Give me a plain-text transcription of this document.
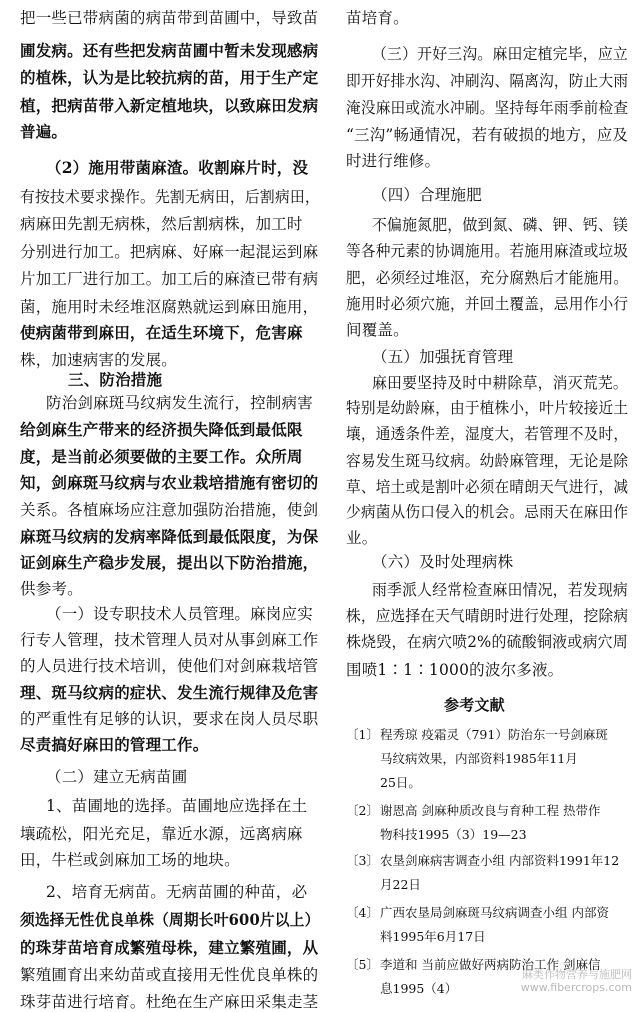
把一些已带病菌的病苗带到苗圃中，导致苗
圃发病。还有些把发病苗圃中暂未发现感病
的植株，认为是比较抗病的苗，用于生产定
植，把病苗带入新定植地块，以致麻田发病
普遍。
（2）施用带菌麻渣。收割麻片时，没
有按技术要求操作。先割无病田，后割病田，
病麻田先割无病株，然后割病株，加工时
分别进行加工。把病麻、好麻一起混运到麻
片加工厂进行加工。加工后的麻渣已带有病
菌，施用时未经堆沤腐熟就运到麻田施用，
使病菌带到麻田，在适生环境下，危害麻
株，加速病害的发展。
三、防治措施
防治剑麻斑马纹病发生流行，控制病害
给剑麻生产带来的经济损失降低到最低限
度，是当前必须要做的主要工作。众所周
知，剑麻斑马纹病与农业栽培措施有密切的
关系。各植麻场应注意加强防治措施，使剑
麻斑马纹病的发病率降低到最低限度，为保
证剑麻生产稳步发展，提出以下防治措施，
供参考。
（一）设专职技术人员管理。麻岗应实
行专人管理，技术管理人员对从事剑麻工作
的人员进行技术培训，使他们对剑麻栽培管
理、斑马纹病的症状、发生流行规律及危害
的严重性有足够的认识，要求在岗人员尽职
尽责搞好麻田的管理工作。
（二）建立无病苗圃
1、苗圃地的选择。苗圃地应选择在土
壤疏松，阳光充足，靠近水源，远离病麻
田，牛栏或剑麻加工场的地块。
2、培育无病苗。无病苗圃的种苗，必
须选择无性优良单株（周期长叶600片以上）
的珠芽苗培育成繁殖母株，建立繁殖圃，从
繁殖圃育出来幼苗或直接用无性优良单株的
珠芽苗进行培育。杜绝在生产麻田采集走茎
苗培育。
（三）开好三沟。麻田定植完毕，应立
即开好排水沟、冲刷沟、隔离沟，防止大雨
淹没麻田或流水冲刷。坚持每年雨季前检查
“三沟”畅通情况，若有破损的地方，应及
时进行维修。
（四）合理施肥
不偏施氮肥，做到氮、磷、钾、钙、镁
等各种元素的协调施用。若施用麻渣或垃圾
肥，必须经过堆沤，充分腐熟后才能施用。
施用时必须穴施，并回土覆盖，忌用作小行
间覆盖。
（五）加强抚育管理
麻田要坚持及时中耕除草，消灭荒芜。
特别是幼龄麻，由于植株小，叶片较接近土
壤，通透条件差，湿度大，若管理不及时，
容易发生斑马纹病。幼龄麻管理，无论是除
草、培土或是割叶必须在晴朗天气进行，减
少病菌从伤口侵入的机会。忌雨天在麻田作
业。
（六）及时处理病株
雨季派人经常检查麻田情况，若发现病
株，应选择在天气晴朗时进行处理，挖除病
株烧毁，在病穴喷2%的硫酸铜液或病穴周
围喷1∶1∶1000的波尔多液。
参考文献
〔1〕 程秀琼 疫霜灵（791）防治东一号剑麻斑
马纹病效果，内部资料1985年11月
25日。
〔2〕 谢恩高 剑麻种质改良与育种工程 热带作
物科技1995（3）19—23
〔3〕 农垦剑麻病害调查小组 内部资料1991年12
月22日
〔4〕 广西农垦局剑麻斑马纹病调查小组 内部资
料1995年6月17日
〔5〕 李道和 当前应做好两病防治工作 剑麻信
息1995（4）
麻类作物营养与施肥网
www.fibercrops.com
